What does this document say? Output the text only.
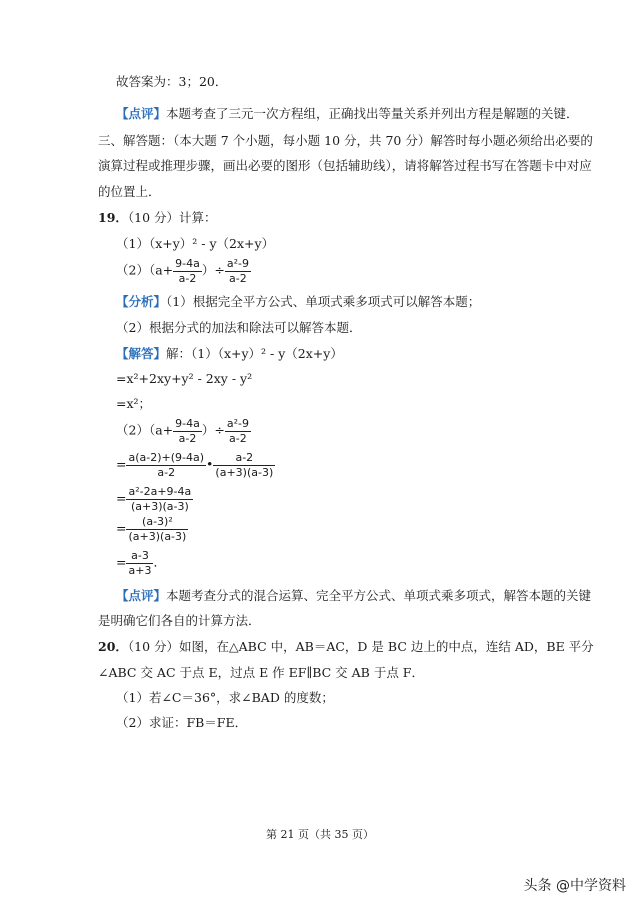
故答案为：3；20．
【点评】本题考查了三元一次方程组，正确找出等量关系并列出方程是解题的关键．
三、解答题：（本大题 7 个小题，每小题 10 分，共 70 分）解答时每小题必须给出必要的
演算过程或推理步骤，画出必要的图形（包括辅助线），请将解答过程书写在答题卡中对应
的位置上．
19．（10 分）计算：
（1）（x+y）² - y（2x+y）
$(2)(a+ \frac{9-4a}{a-2}$ ）÷ $\frac{\text{a²-9}}{a-2}$
【分析】（1）根据完全平方公式、单项式乘多项式可以解答本题；
（2）根据分式的加法和除法可以解答本题．
【解答】解：（1）（x+y）² - y（2x+y）
=x²+2xy+y² - 2xy - y²
=x²；
$(2)(a+ \frac{9-4a}{a-2}$ ）÷ $\frac{\text{a²-9}}{a-2}$
= $\frac{a(a-2)+(9-4a)}{a-2}$ • $\frac{a-2}{(a+3)(a-3)}$
= $\frac{\text{a²-2a+9-4a}}{(a+3)(a-3)}$
= $\frac{\text{(a-3)²}}{(a+3)(a-3)}$
= $\frac{a-3}{a+3}$ ．
【点评】本题考查分式的混合运算、完全平方公式、单项式乘多项式，解答本题的关键
是明确它们各自的计算方法．
20．（10 分）如图，在△ABC 中，AB＝AC，D 是 BC 边上的中点，连结 AD，BE 平分
∠ABC 交 AC 于点 E，过点 E 作 EF∥BC 交 AB 于点 F．
（1）若∠C＝36°，求∠BAD 的度数；
（2）求证：FB＝FE．
第 21 页（共 35 页）
头条 @中学资料
